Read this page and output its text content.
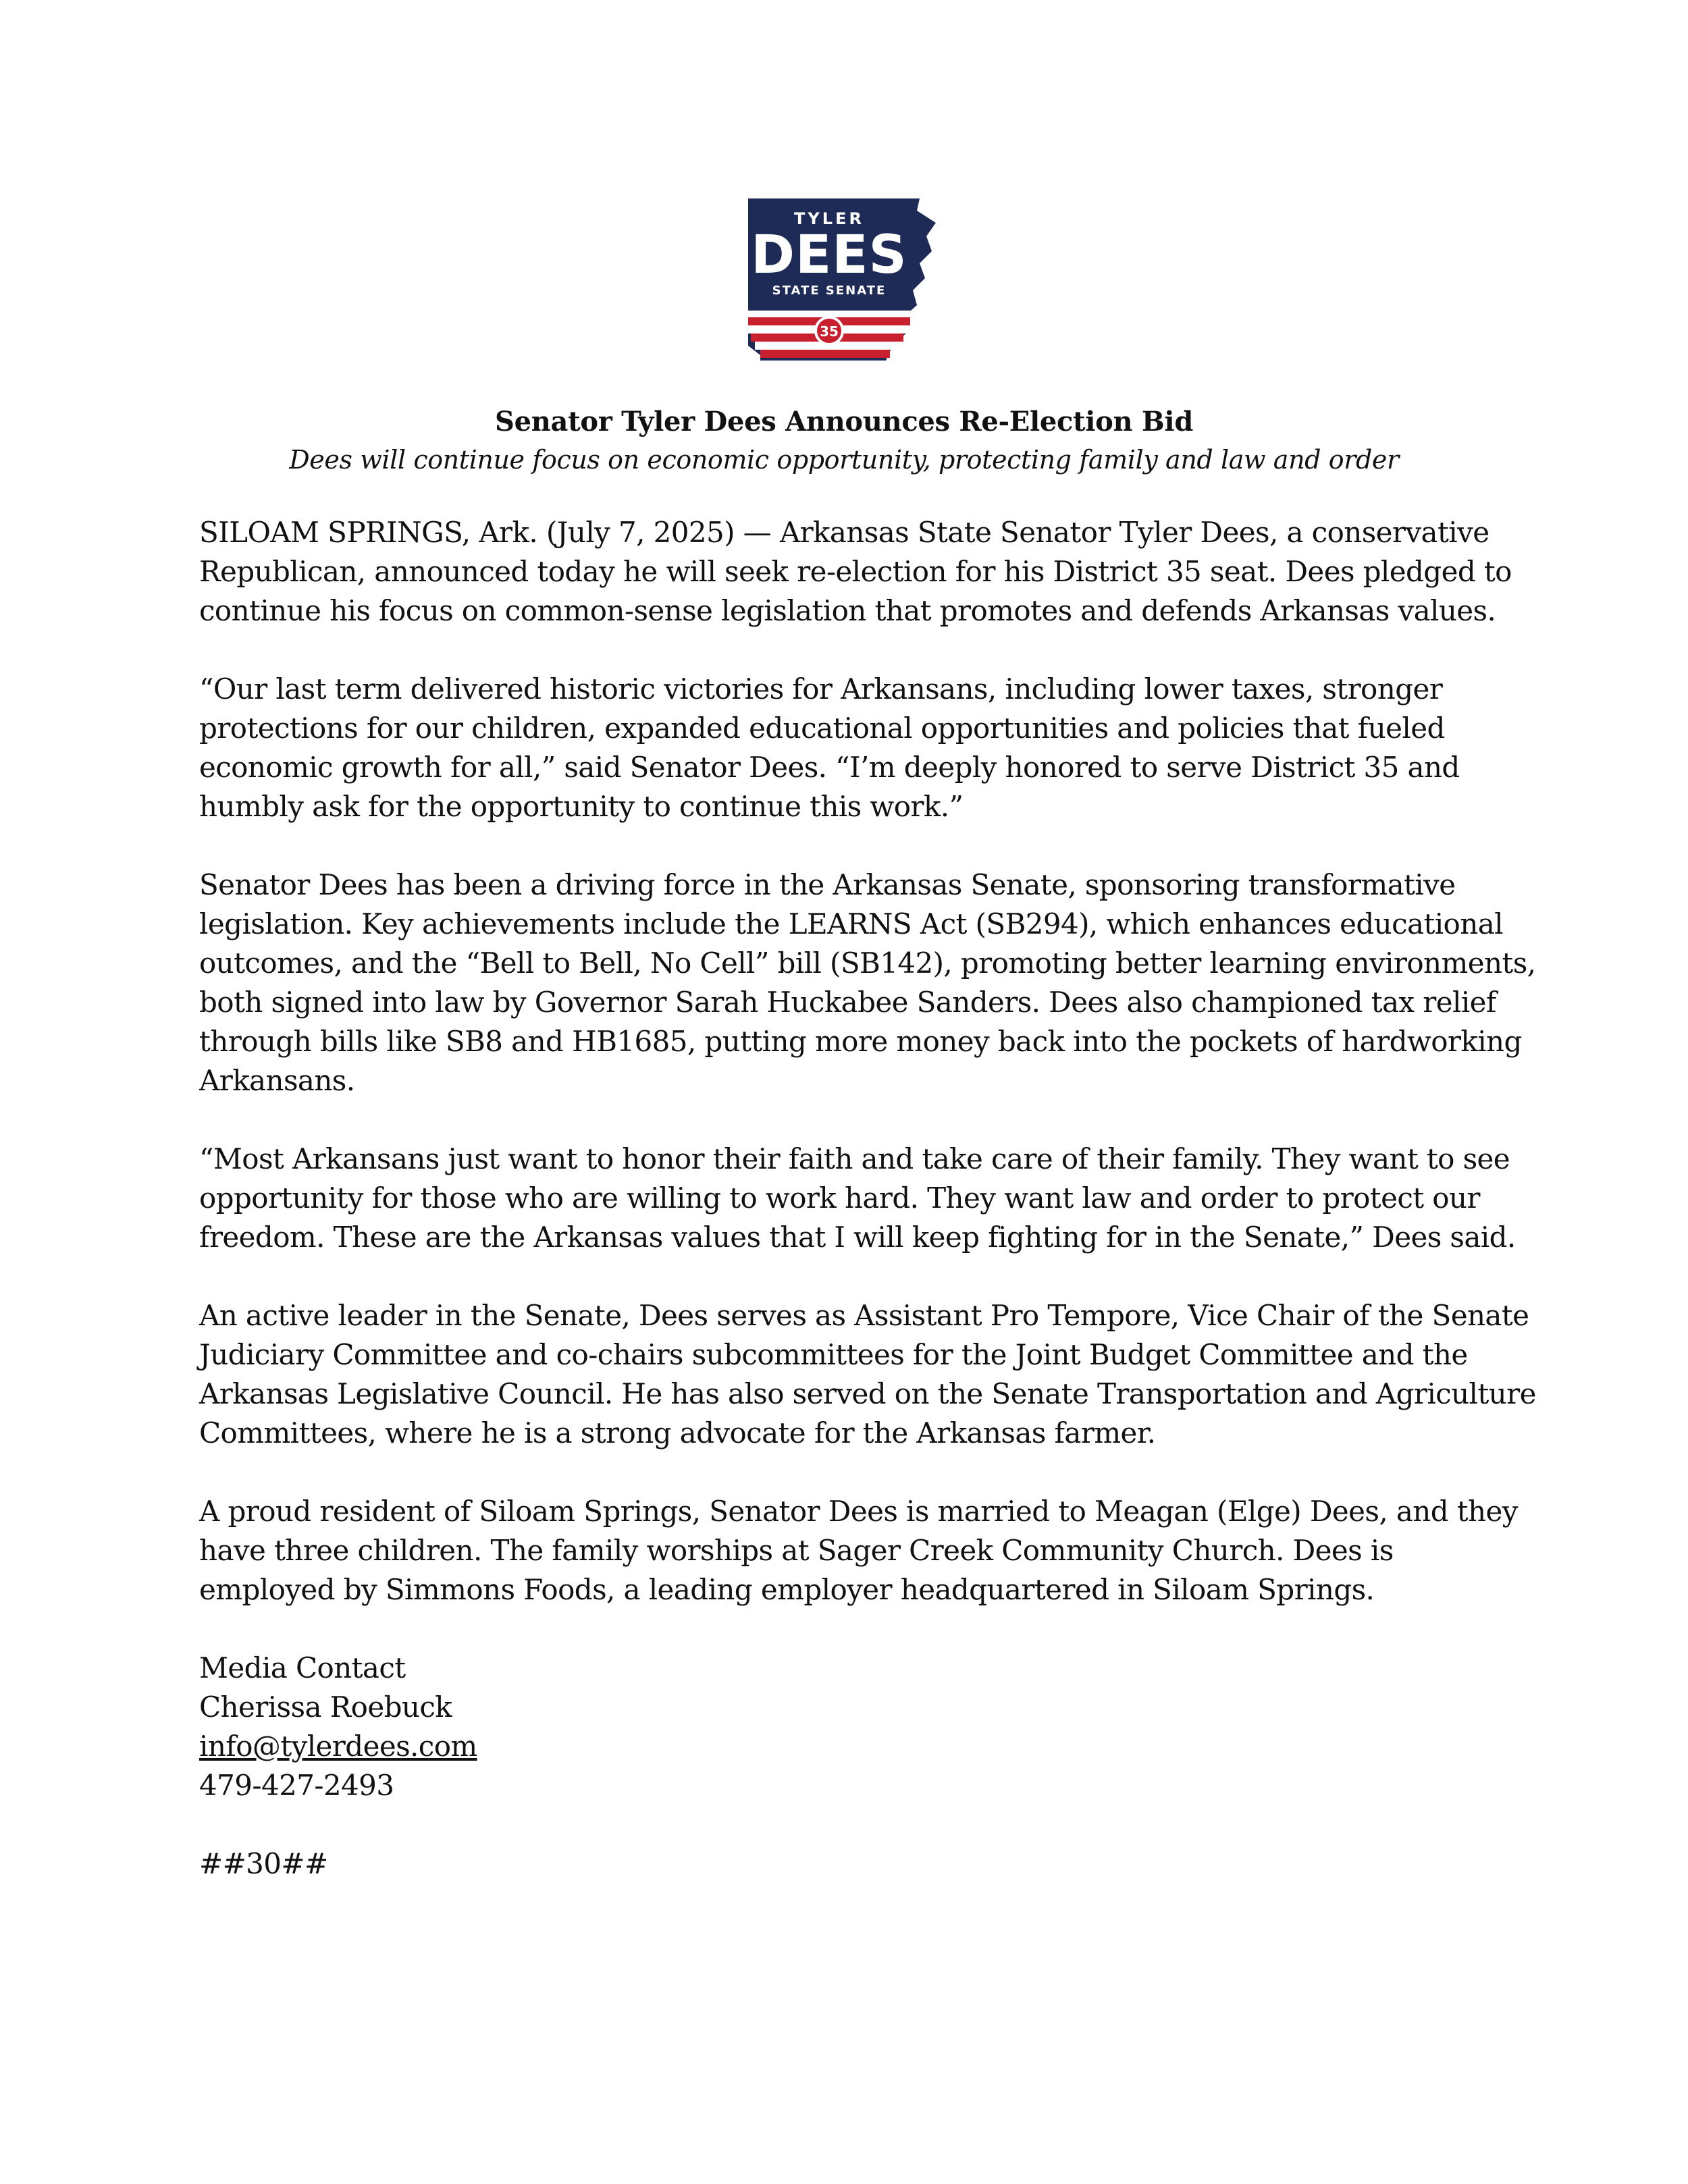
35
TYLER
DEES
STATE SENATE
Senator Tyler Dees Announces Re-Election Bid
Dees will continue focus on economic opportunity, protecting family and law and order

SILOAM SPRINGS, Ark. (July 7, 2025) — Arkansas State Senator Tyler Dees, a conservative Republican, announced today he will seek re-election for his District 35 seat. Dees pledged to continue his focus on common-sense legislation that promotes and defends Arkansas values.

“Our last term delivered historic victories for Arkansans, including lower taxes, stronger protections for our children, expanded educational opportunities and policies that fueled economic growth for all,” said Senator Dees. “I’m deeply honored to serve District 35 and humbly ask for the opportunity to continue this work.”

Senator Dees has been a driving force in the Arkansas Senate, sponsoring transformative legislation. Key achievements include the LEARNS Act (SB294), which enhances educational outcomes, and the “Bell to Bell, No Cell” bill (SB142), promoting better learning environments, both signed into law by Governor Sarah Huckabee Sanders. Dees also championed tax relief through bills like SB8 and HB1685, putting more money back into the pockets of hardworking Arkansans.

“Most Arkansans just want to honor their faith and take care of their family. They want to see opportunity for those who are willing to work hard. They want law and order to protect our freedom. These are the Arkansas values that I will keep fighting for in the Senate,” Dees said.

An active leader in the Senate, Dees serves as Assistant Pro Tempore, Vice Chair of the Senate Judiciary Committee and co-chairs subcommittees for the Joint Budget Committee and the Arkansas Legislative Council. He has also served on the Senate Transportation and Agriculture Committees, where he is a strong advocate for the Arkansas farmer.

A proud resident of Siloam Springs, Senator Dees is married to Meagan (Elge) Dees, and they have three children. The family worships at Sager Creek Community Church. Dees is employed by Simmons Foods, a leading employer headquartered in Siloam Springs.

Media Contact
Cherissa Roebuck
info@tylerdees.com
479-427-2493
##30##
